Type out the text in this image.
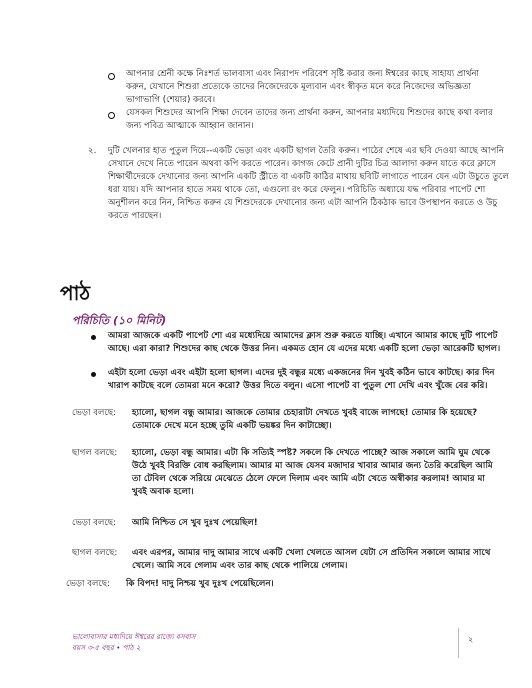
আপনার শ্রেনী কক্ষে নিঃশর্ত ভালবাসা এবং নিরাপদ পরিবেশ সৃষ্টি করার জন্য ঈশ্বরের কাছে সাহায্য প্রার্থনা
করুন, যেখানে শিশুরা প্রত্যেকে তাদের নিজেদেরকে মূল্যবান এবং স্বীকৃত মনে করে নিজেদের অভিজ্ঞতা
ভাগাভাগি (শেয়ার) করবে।
যেসকল শিশুদের আপনি শিক্ষা দেবেন তাদের জন্য প্রার্থনা করুন, আপনার মধ্যদিয়ে শিশুদের কাছে কথা বলার
জন্য পবিত্র আত্মাকে আহ্বান জানান।
২. দুটি খেলনার হাত পুতুল দিয়ে--একটি ভেড়া এবং একটি ছাগল তৈরি করুন। পাঠের শেষে এর ছবি দেওয়া আছে আপনি
সেখানে দেখে নিতে পারেন অথবা কপি করতে পারেন। কাগজ কেটে প্রানী দুটির চিত্র আলাদা করুন যাতে করে ক্লাসে
শিক্ষার্থীদেরকে দেখানোর জন্য আপনি একটি স্ট্রীতে বা একটি কাঠির মাথায় ছবিটি লাগাতে পারেন যেন এটা উচুতে তুলে
ধরা যায়। যদি আপনার হাতে সময় থাকে তো, এগুলো রং করে ফেলুন। পরিচিতি অধ্যায়ে যদ্ধ পরিবার পাপেট শো
অনুশীলন করে নিন, নিশ্চিত করুন যে শিশুদেরকে দেখানোর জন্য এটা আপনি ঠিকঠাক ভাবে উপস্থাপন করতে ও উচু
করতে পারছেন।
পাঠ
পরিচিতি (১০ মিনিট)
আমরা আজকে একটি পাপেট শো এর মধ্যেদিয়ে আমাদের ক্লাস শুরু করতে যাচ্ছি। এখানে আমার কাছে দুটি পাপেট
আছে। এরা কারা? শিশুদের কাছ থেকে উত্তর নিন। একমত হোন যে এদের মধ্যে একটি হলো ভেড়া আরেকটি ছাগল।
এইটা হলো ভেড়া এবং এইটা হলো ছাগল। এদের দুই বন্ধুর মধ্যে একজনের দিন খুবই কঠিন ভাবে কাটছে। কার দিন
খারাপ কাটছে বলে তোমরা মনে করো? উত্তর দিতে বলুন। এসো পাপেট বা পুতুল শো দেখি এবং খুঁজে বের করি।
ভেড়া বলছে: হ্যালো, ছাগল বন্ধু আমার। আজকে তোমার চেহারাটা দেখতে খুবই বাজে লাগছে! তোমার কি হয়েছে?
তোমাকে দেখে মনে হচ্ছে তুমি একটি ভয়ঙ্কর দিন কাটাচ্ছো।
ছাগল বলছে: হ্যালো, ভেড়া বন্ধু আমার। এটা কি সত্যিই স্পষ্ট? সকলে কি দেখতে পাচ্ছে? আজ সকালে আমি ঘুম থেকে
উঠে খুবই বিরক্তি বোধ করছিলাম। আমার মা আজ যেসব মজাদার খাবার আমার জন্য তৈরি করেছিল আমি
তা টেবিল থেকে সরিয়ে মেঝেতে ঠেলে ফেলে দিলাম এবং আমি এটা খেতে অস্বীকার করলাম! আমার মা
খুবই অবাক হলো।
ভেড়া বলছে: আমি নিশ্চিত সে খুব দুঃখ পেয়েছিল!
ছাগল বলছে: এবং এরপর, আমার দাদু আমার সাথে একটি খেলা খেলতে আসল যেটা সে প্রতিদিন সকালে আমার সাথে
খেলে। আমি সবে গেলাম এবং তার কাছ থেকে পালিয়ে গেলাম।
ভেড়া বলছে: কি বিপদ! দাদু নিশ্চয় খুব দুঃখ পেয়েছিলেন।
ভালোবাসার মধ্যদিয়ে ঈশ্বরের রাজ্যে বসবাস
বয়স ৩-৫ বছর • পাঠ ২
২
